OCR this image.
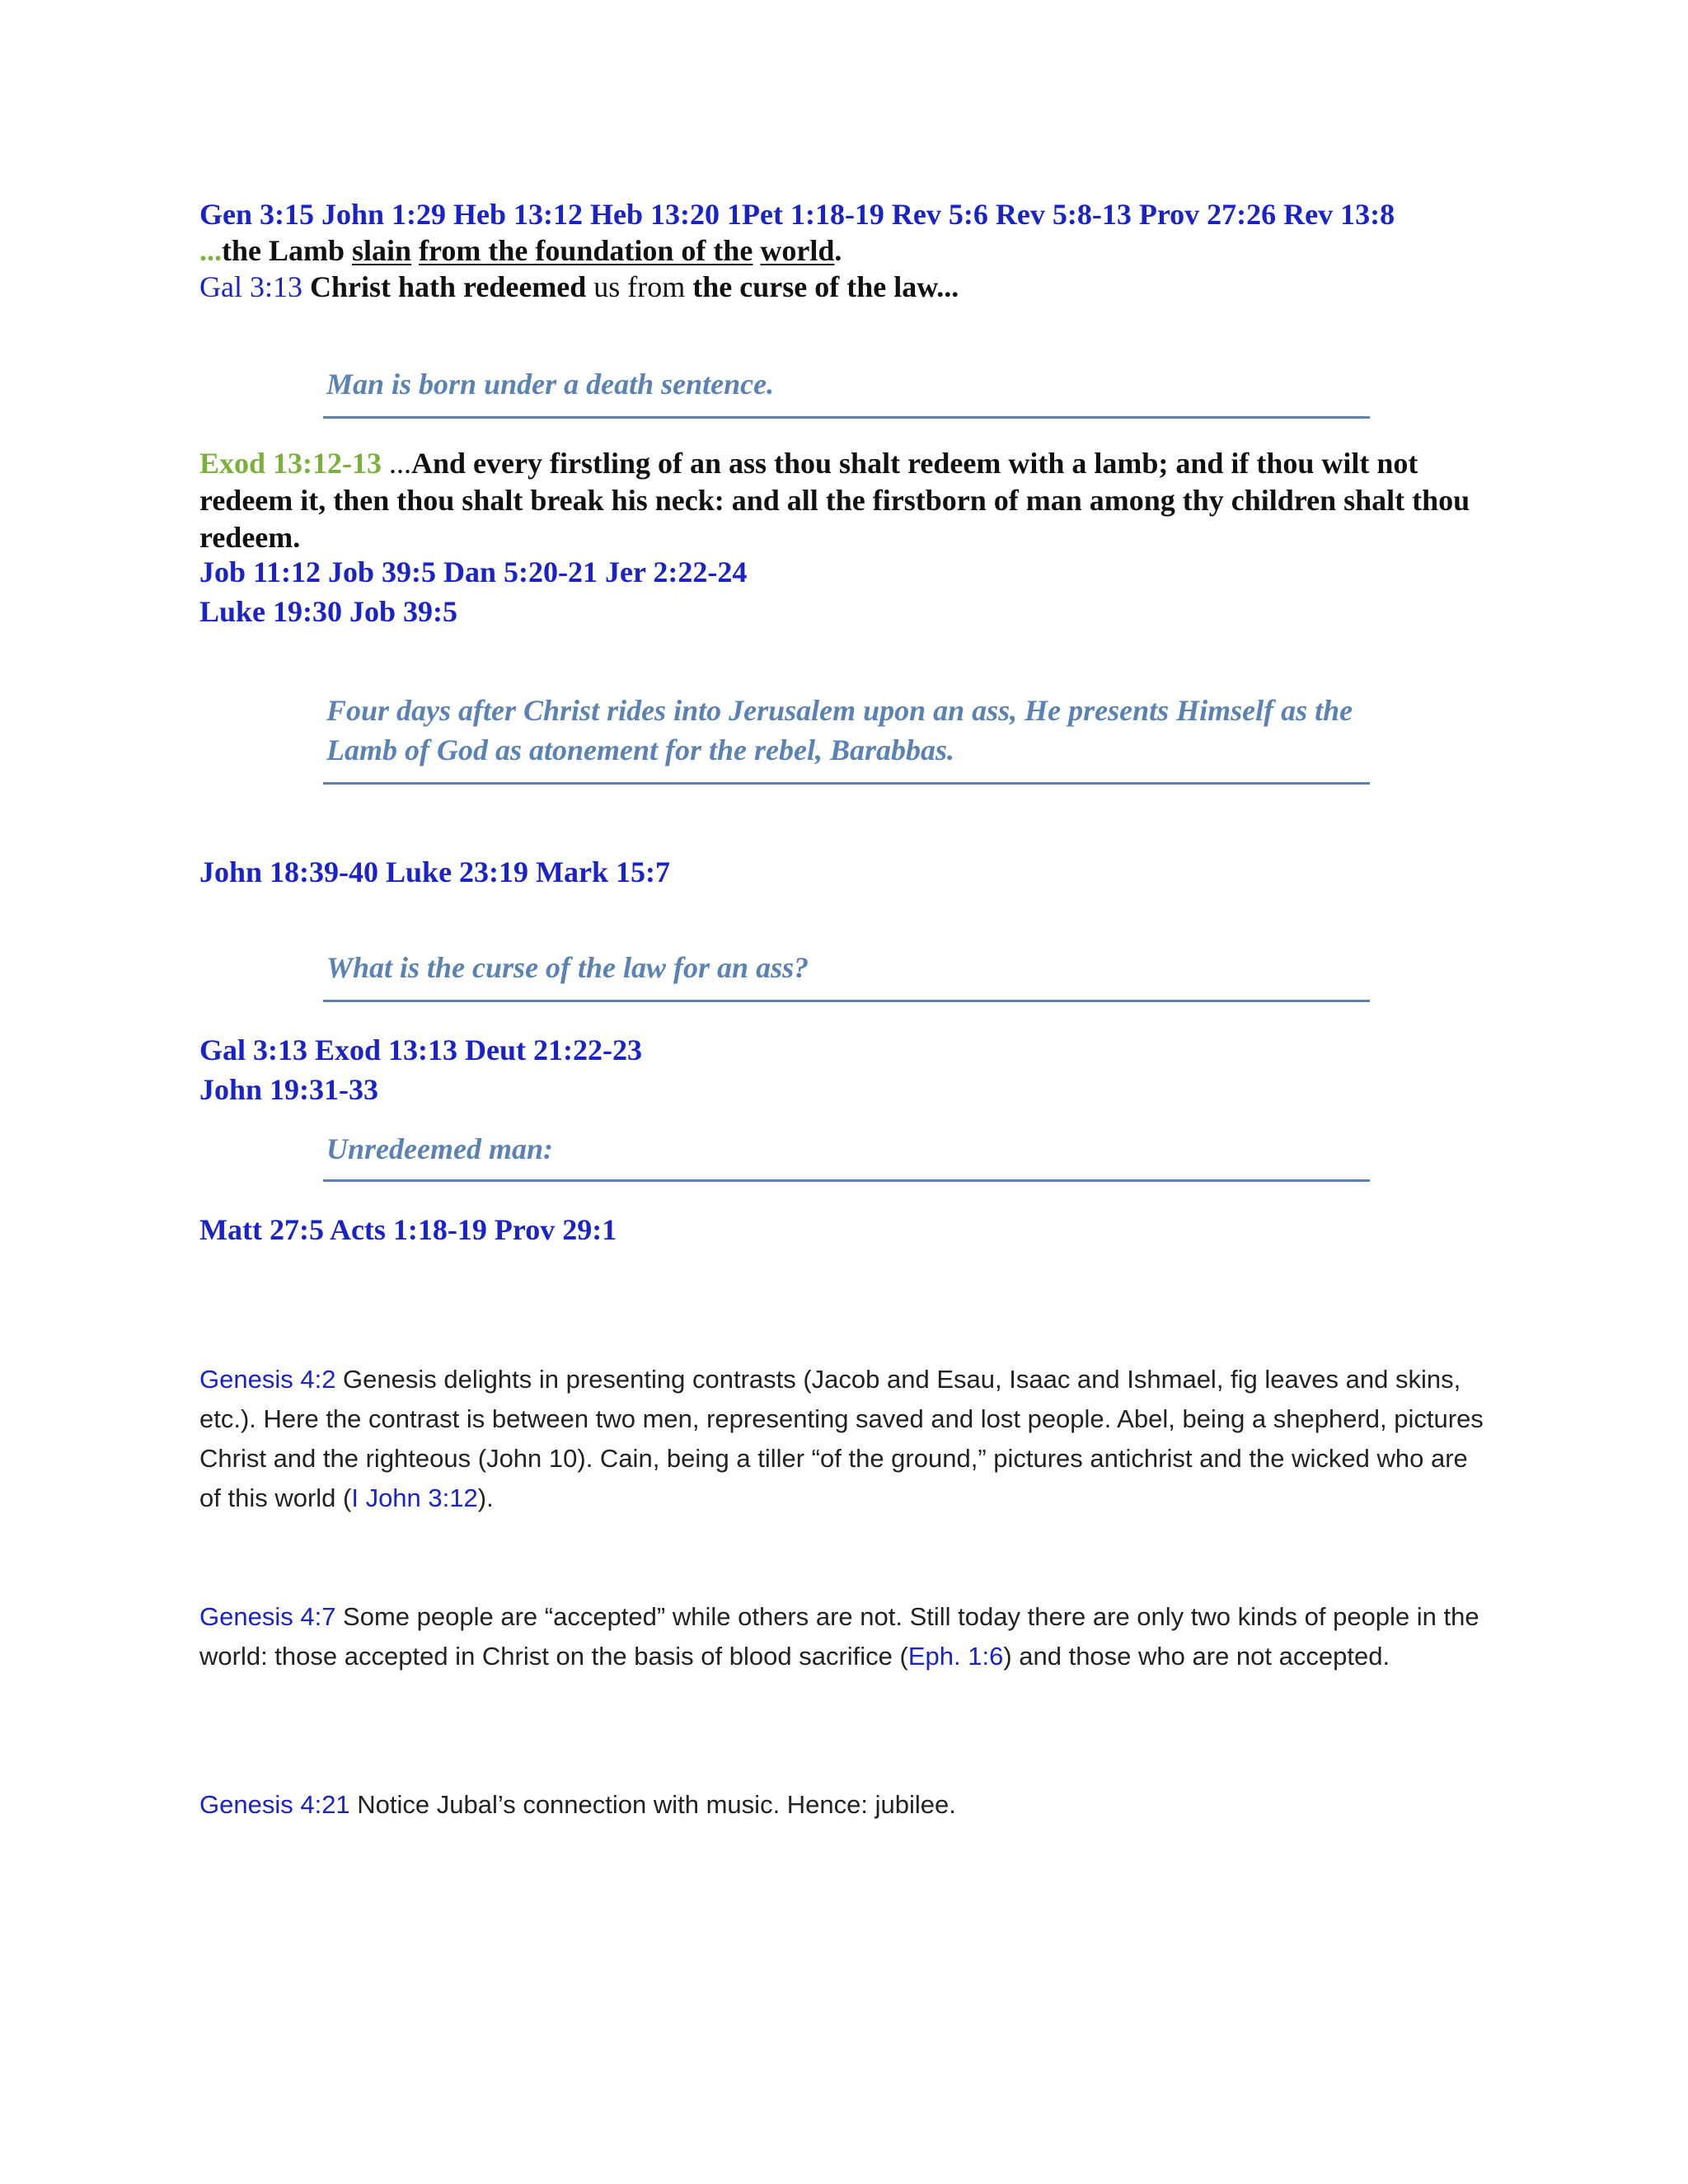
Gen 3:15 John 1:29 Heb 13:12 Heb 13:20 1Pet 1:18-19 Rev 5:6 Rev 5:8-13 Prov 27:26 Rev 13:8
...the Lamb slain from the foundation of the world.
Gal 3:13 Christ hath redeemed us from the curse of the law...
Man is born under a death sentence.
Exod 13:12-13 ...And every firstling of an ass thou shalt redeem with a lamb; and if thou wilt not redeem it, then thou shalt break his neck: and all the firstborn of man among thy children shalt thou redeem.
Job 11:12 Job 39:5 Dan 5:20-21 Jer 2:22-24
Luke 19:30 Job 39:5
Four days after Christ rides into Jerusalem upon an ass, He presents Himself as the Lamb of God as atonement for the rebel, Barabbas.
John 18:39-40 Luke 23:19 Mark 15:7
What is the curse of the law for an ass?
Gal 3:13 Exod 13:13 Deut 21:22-23
John 19:31-33
Unredeemed man:
Matt 27:5 Acts 1:18-19 Prov 29:1
Genesis 4:2 Genesis delights in presenting contrasts (Jacob and Esau, Isaac and Ishmael, fig leaves and skins, etc.). Here the contrast is between two men, representing saved and lost people. Abel, being a shepherd, pictures Christ and the righteous (John 10). Cain, being a tiller “of the ground,” pictures antichrist and the wicked who are of this world (I John 3:12).
Genesis 4:7 Some people are “accepted” while others are not. Still today there are only two kinds of people in the world: those accepted in Christ on the basis of blood sacrifice (Eph. 1:6) and those who are not accepted.
Genesis 4:21 Notice Jubal’s connection with music. Hence: jubilee.
